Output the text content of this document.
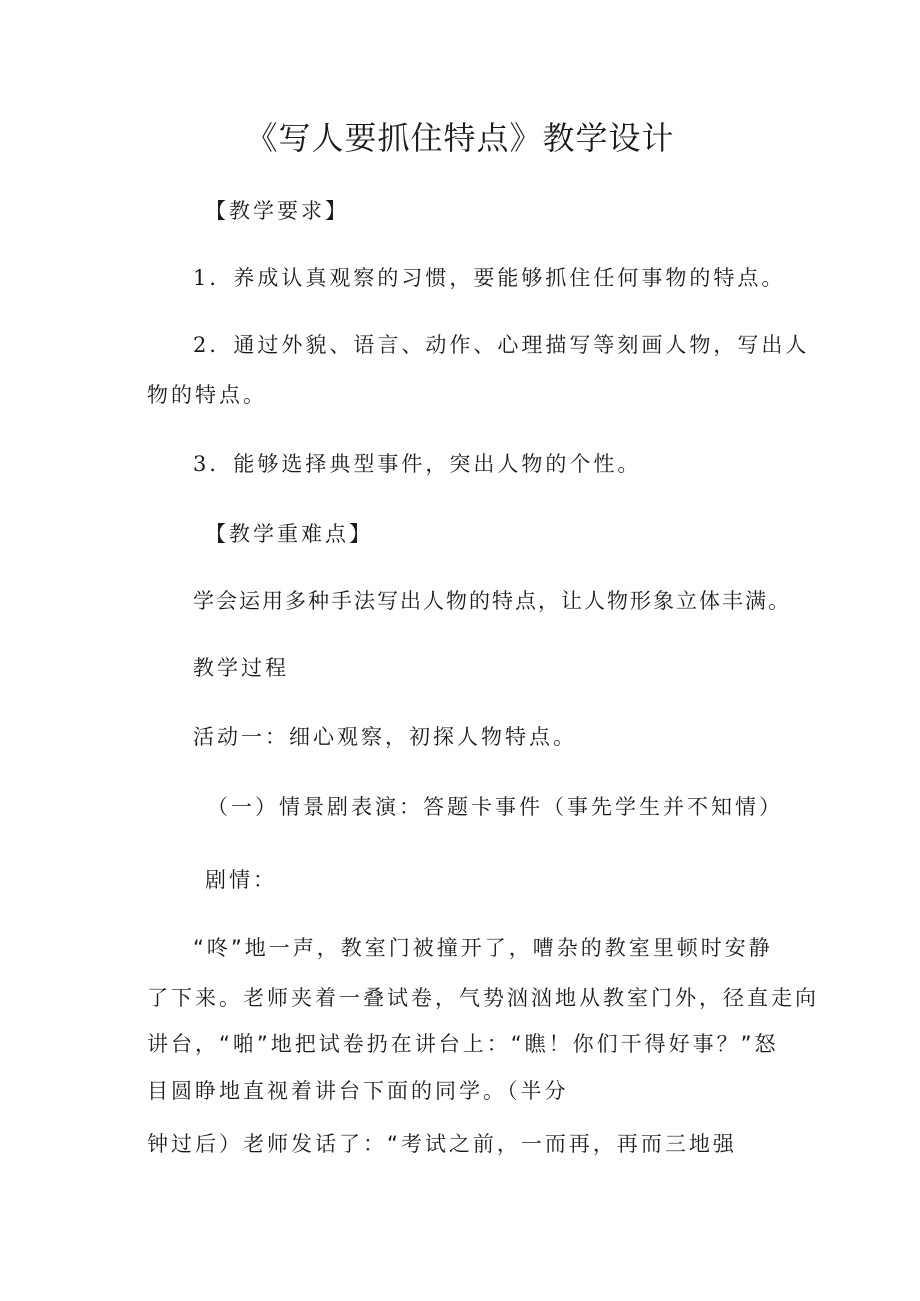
《写人要抓住特点》教学设计
【教学要求】
1．养成认真观察的习惯，要能够抓住任何事物的特点。
2．通过外貌、语言、动作、心理描写等刻画人物，写出人
物的特点。
3．能够选择典型事件，突出人物的个性。
【教学重难点】
学会运用多种手法写出人物的特点，让人物形象立体丰满。
教学过程
活动一：细心观察，初探人物特点。
（一）情景剧表演：答题卡事件（事先学生并不知情）
剧情：
“咚”地一声，教室门被撞开了，嘈杂的教室里顿时安静
了下来。老师夹着一叠试卷，气势汹汹地从教室门外，径直走向
讲台，“啪”地把试卷扔在讲台上：“瞧！你们干得好事？”怒
目圆睁地直视着讲台下面的同学。（半分
钟过后）老师发话了：“考试之前，一而再，再而三地强
